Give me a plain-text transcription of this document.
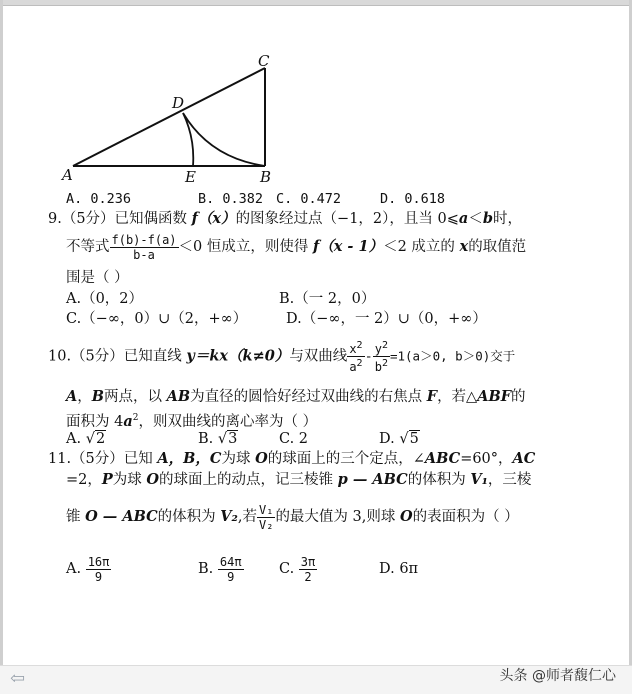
A	B
C
D
E
A. 0.236	B. 0.382 C. 0.472	D. 0.618
9.（5分）已知偶函数 f（x）的图象经过点（−1，2），且当 0⩽a＜b时，
不等式 $\frac{f(b)-f(a)}{b-a} <0$ 恒成立，则使得 f（x - 1）＜2 成立的 x的取值范
围是（ ）
A.（0，2）	B.（一 2，0）
C.（−∞，0）∪（2，+∞）	D.（−∞，一 2）∪（0，+∞）
10.（5分）已知直线 y＝kx（k≠0）与双曲线 $\frac{x^2}{a^2} - \frac{y^2}{b^2} =1(a>0$, b＞0)交于
A，B两点，以 AB为直径的圆恰好经过双曲线的右焦点 F，若△ABF的
面积为 $4a^2$，则双曲线的离心率为（ ）
A. √2	B. √3	C. 2	D. √5
11.（5分）已知 A，B，C为球 O的球面上的三个定点，∠ABC=60°，AC
=2，P为球 O的球面上的动点，记三棱锥 p — ABC的体积为 V₁，三棱
锥 O — ABC的体积为 V₂,若 $\frac{\text{V₁}}{\text{V₂}}$ 的最大值为 3,则球 O的表面积为（ ）
A. $\frac{16\pi}{9}$	B. $\frac{64\pi}{9} C$. $\frac{3\pi}{2}$	D. 6π
⇦	头条 @师者馥仁心
